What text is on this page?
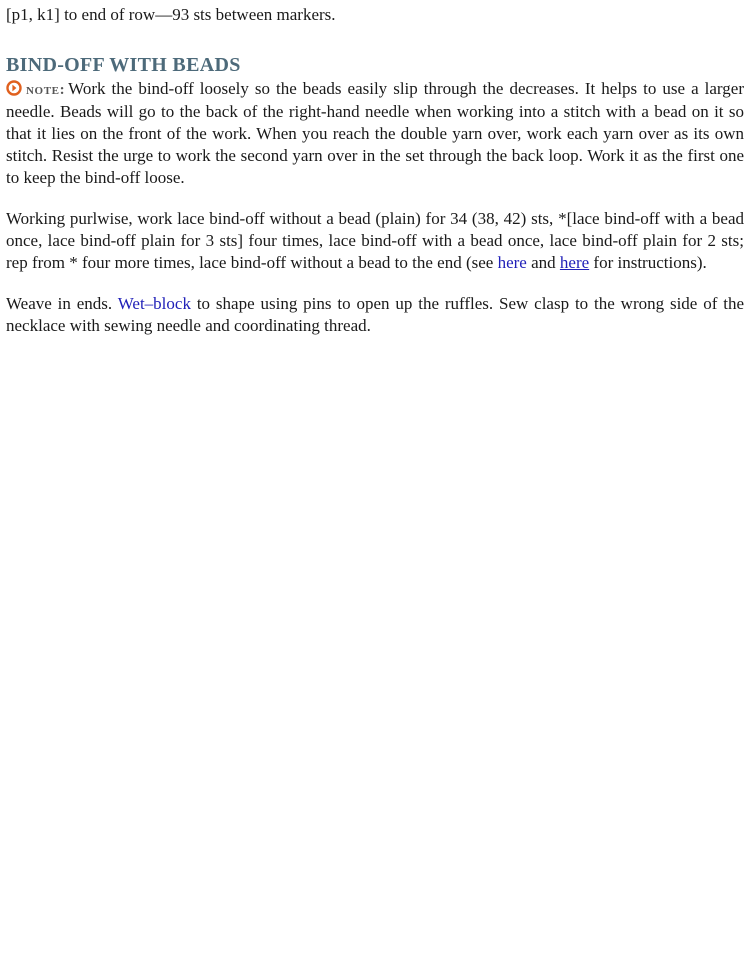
[p1, k1] to end of row—93 sts between markers.

BIND-OFF WITH BEADS

note: Work the bind-off loosely so the beads easily slip through the decreases. It helps to use a larger needle. Beads will go to the back of the right-hand needle when working into a stitch with a bead on it so that it lies on the front of the work. When you reach the double yarn over, work each yarn over as its own stitch. Resist the urge to work the second yarn over in the set through the back loop. Work it as the first one to keep the bind-off loose.

Working purlwise, work lace bind-off without a bead (plain) for 34 (38, 42) sts, *[lace bind-off with a bead once, lace bind-off plain for 3 sts] four times, lace bind-off with a bead once, lace bind-off plain for 2 sts; rep from * four more times, lace bind-off without a bead to the end (see here and here for instructions).

Weave in ends. Wet–block to shape using pins to open up the ruffles. Sew clasp to the wrong side of the necklace with sewing needle and coordinating thread.
